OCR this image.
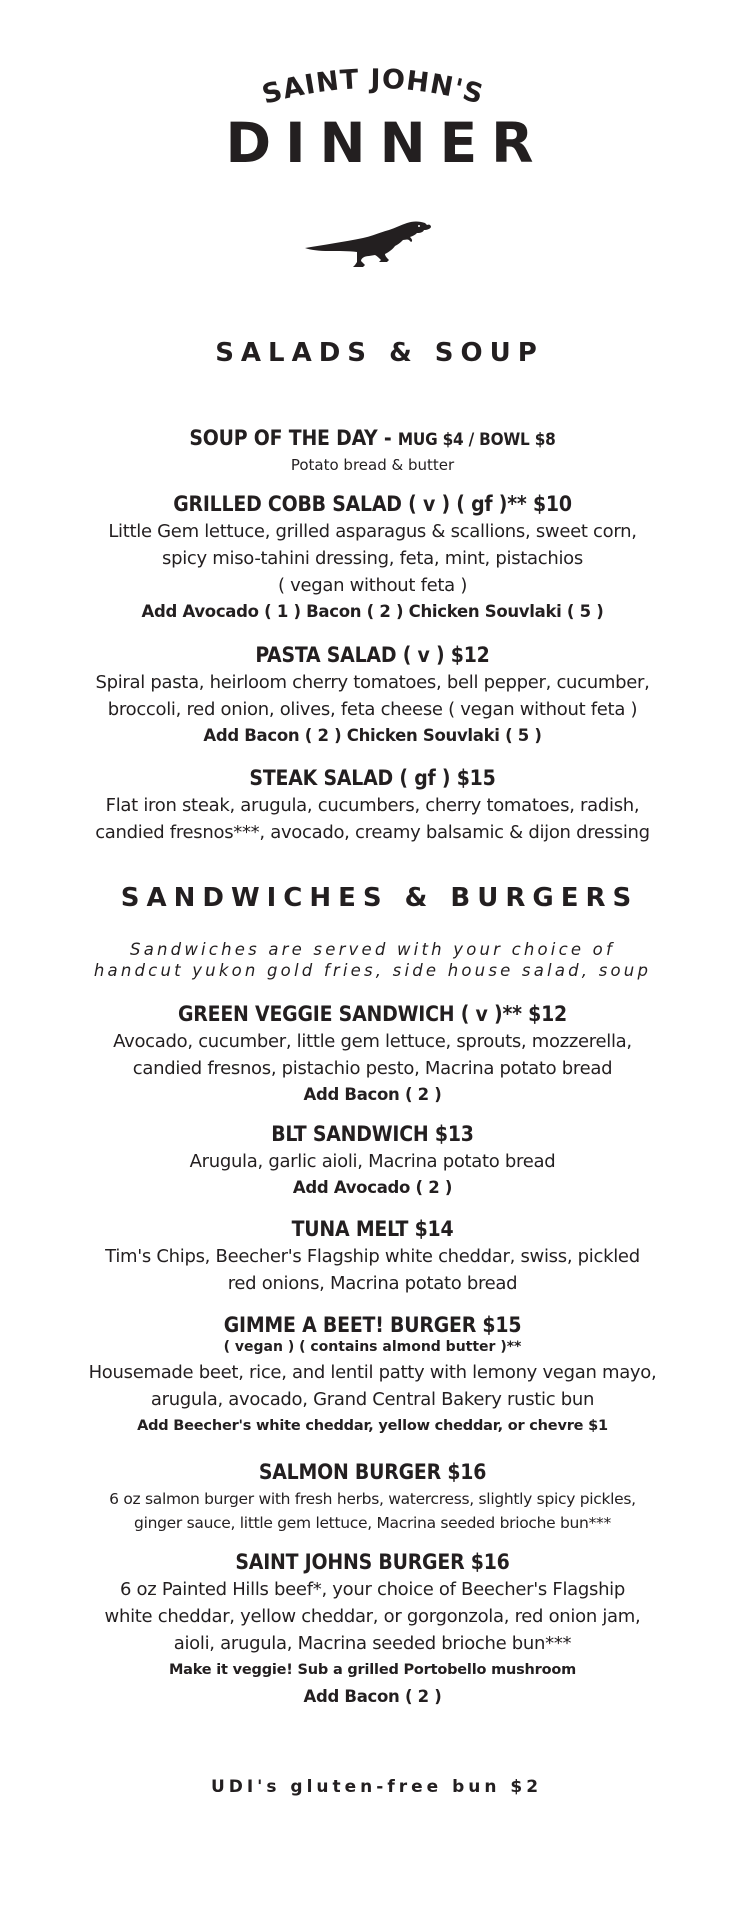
SAINT JOHN'S
DINNER
SALADS & SOUP
SOUP OF THE DAY - MUG $4 / BOWL $8
Potato bread & butter
GRILLED COBB SALAD ( v ) ( gf )** $10
Little Gem lettuce, grilled asparagus & scallions, sweet corn,
spicy miso-tahini dressing, feta, mint, pistachios
( vegan without feta )
Add Avocado ( 1 ) Bacon ( 2 ) Chicken Souvlaki ( 5 )
PASTA SALAD ( v ) $12
Spiral pasta, heirloom cherry tomatoes, bell pepper, cucumber,
broccoli, red onion, olives, feta cheese ( vegan without feta )
Add Bacon ( 2 ) Chicken Souvlaki ( 5 )
STEAK SALAD ( gf ) $15
Flat iron steak, arugula, cucumbers, cherry tomatoes, radish,
candied fresnos***, avocado, creamy balsamic & dijon dressing
SANDWICHES & BURGERS
Sandwiches are served with your choice of
handcut yukon gold fries, side house salad, soup
GREEN VEGGIE SANDWICH ( v )** $12
Avocado, cucumber, little gem lettuce, sprouts, mozzerella,
candied fresnos, pistachio pesto, Macrina potato bread
Add Bacon ( 2 )
BLT SANDWICH $13
Arugula, garlic aioli, Macrina potato bread
Add Avocado ( 2 )
TUNA MELT $14
Tim's Chips, Beecher's Flagship white cheddar, swiss, pickled
red onions, Macrina potato bread
GIMME A BEET! BURGER $15
( vegan ) ( contains almond butter )**
Housemade beet, rice, and lentil patty with lemony vegan mayo,
arugula, avocado, Grand Central Bakery rustic bun
Add Beecher's white cheddar, yellow cheddar, or chevre $1
SALMON BURGER $16
6 oz salmon burger with fresh herbs, watercress, slightly spicy pickles,
ginger sauce, little gem lettuce, Macrina seeded brioche bun***
SAINT JOHNS BURGER $16
6 oz Painted Hills beef*, your choice of Beecher's Flagship
white cheddar, yellow cheddar, or gorgonzola, red onion jam,
aioli, arugula, Macrina seeded brioche bun***
Make it veggie! Sub a grilled Portobello mushroom
Add Bacon ( 2 )
UDI's gluten-free bun $2
